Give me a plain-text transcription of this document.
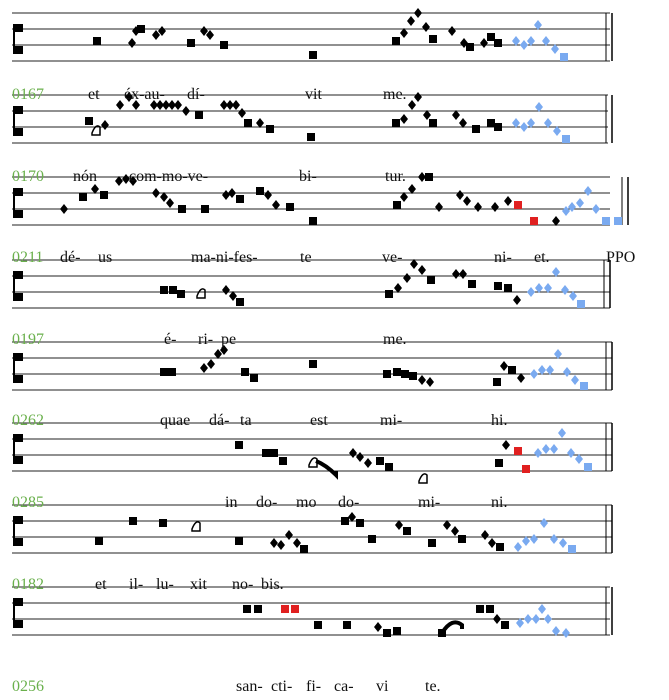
0167	et éx-au- dí-	vit	me.
0170 nón com-mo-ve-	bi-	tur.
0211 dé- us	ma-ni-fes-	te	ve-	ni- et.	PPO
0197	é- ri- pe	me.
0262	quae dá- ta	est	mi-	hi.
0285	in do- mo do-	mi-	ni.
0182	et il- lu- xit no- bis.
0256	san- cti- fi- ca- vi te.
